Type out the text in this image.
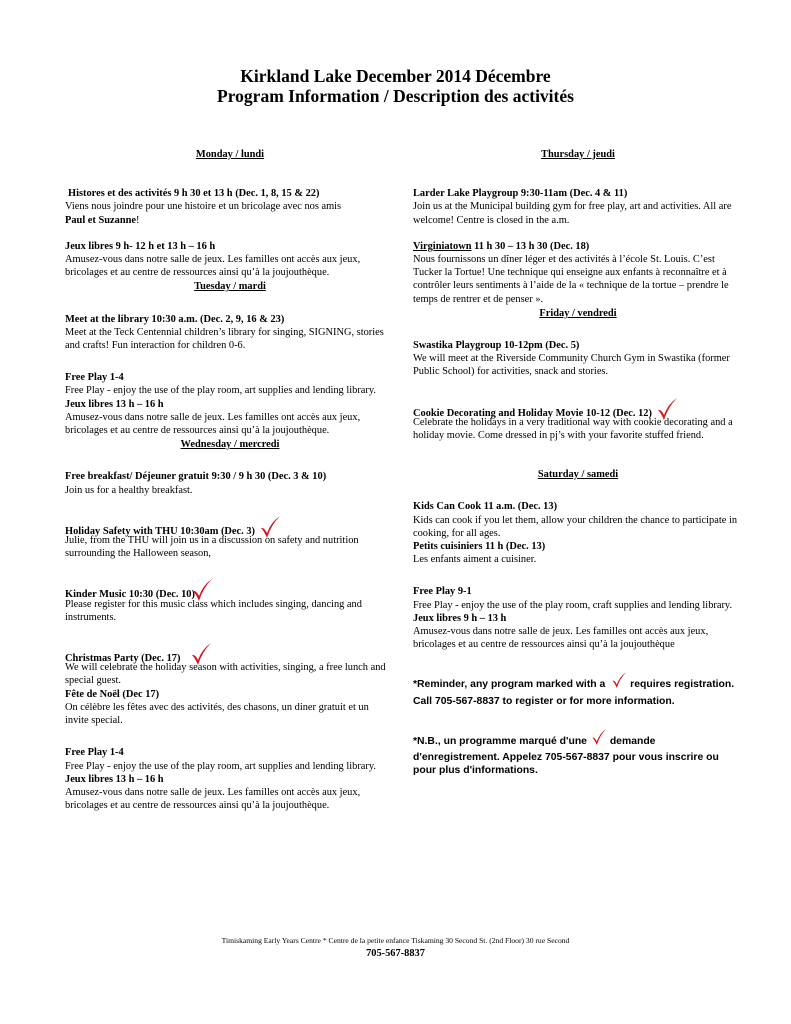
Kirkland Lake December 2014 Décembre
Program Information / Description des activités

Monday / lundi

Histores et des activités 9 h 30 et 13 h (Dec. 1, 8, 15 & 22)
Viens nous joindre pour une histoire et un bricolage avec nos amis
Paul et Suzanne!
Jeux libres 9 h- 12 h et 13 h – 16 h
Amusez-vous dans notre salle de jeux. Les familles ont accès aux jeux, bricolages et au centre de ressources ainsi qu’à la joujouthèque.

Tuesday / mardi

Meet at the library 10:30 a.m. (Dec. 2, 9, 16 & 23)
Meet at the Teck Centennial children’s library for singing, SIGNING, stories and crafts! Fun interaction for children 0-6.
Free Play 1-4
Free Play - enjoy the use of the play room, art supplies and lending library.
Jeux libres 13 h – 16 h
Amusez-vous dans notre salle de jeux. Les familles ont accès aux jeux, bricolages et au centre de ressources ainsi qu’à la joujouthèque.

Wednesday / mercredi

Free breakfast/ Déjeuner gratuit 9:30 / 9 h 30 (Dec. 3 & 10)
Join us for a healthy breakfast.
Holiday Safety with THU 10:30am (Dec. 3)
Julie, from the THU will join us in a discussion on safety and nutrition surrounding the Halloween season,
Kinder Music 10:30 (Dec. 10)
Please register for this music class which includes singing, dancing and instruments.
Christmas Party (Dec. 17)
We will celebrate the holiday season with activities, singing, a free lunch and special guest.
Fête de Noël (Dec 17)
On célèbre les fêtes avec des activités, des chasons, un diner gratuit et un invite special.
Free Play 1-4
Free Play - enjoy the use of the play room, art supplies and lending library.
Jeux libres 13 h – 16 h
Amusez-vous dans notre salle de jeux. Les familles ont accès aux jeux, bricolages et au centre de ressources ainsi qu’à la joujouthèque.

Thursday / jeudi

Larder Lake Playgroup 9:30-11am (Dec. 4 & 11)
Join us at the Municipal building gym for free play, art and activities. All are welcome! Centre is closed in the a.m.
Virginiatown 11 h 30 – 13 h 30 (Dec. 18)
Nous fournissons un dîner léger et des activités à l’école St. Louis. C’est Tucker la Tortue! Une technique qui enseigne aux enfants à reconnaître et à contrôler leurs sentiments à l’aide de la « technique de la tortue – prendre le temps de rentrer et de penser ».

Friday / vendredi

Swastika Playgroup 10-12pm (Dec. 5)
We will meet at the Riverside Community Church Gym in Swastika (former Public School) for activities, snack and stories.
Cookie Decorating and Holiday Movie 10-12 (Dec. 12)
Celebrate the holidays in a very traditional way with cookie decorating and a holiday movie. Come dressed in pj’s with your favorite stuffed friend.

Saturday / samedi

Kids Can Cook 11 a.m. (Dec. 13)
Kids can cook if you let them, allow your children the chance to participate in cooking, for all ages.
Petits cuisiniers 11 h (Dec. 13)
Les enfants aiment a cuisiner.
Free Play 9-1
Free Play - enjoy the use of the play room, craft supplies and lending library.
Jeux libres 9 h – 13 h
Amusez-vous dans notre salle de jeux. Les familles ont accès aux jeux, bricolages et au centre de ressources ainsi qu’à la joujouthèque
*Reminder, any program marked with a requires registration. Call 705-567-8837 to register or for more information.
*N.B., un programme marqué d'une demande d'enregistrement. Appelez 705-567-8837 pour vous inscrire ou pour plus d'informations.
Timiskaming Early Years Centre * Centre de la petite enfance Tiskaming 30 Second St. (2nd Floor) 30 rue Second
705-567-8837
